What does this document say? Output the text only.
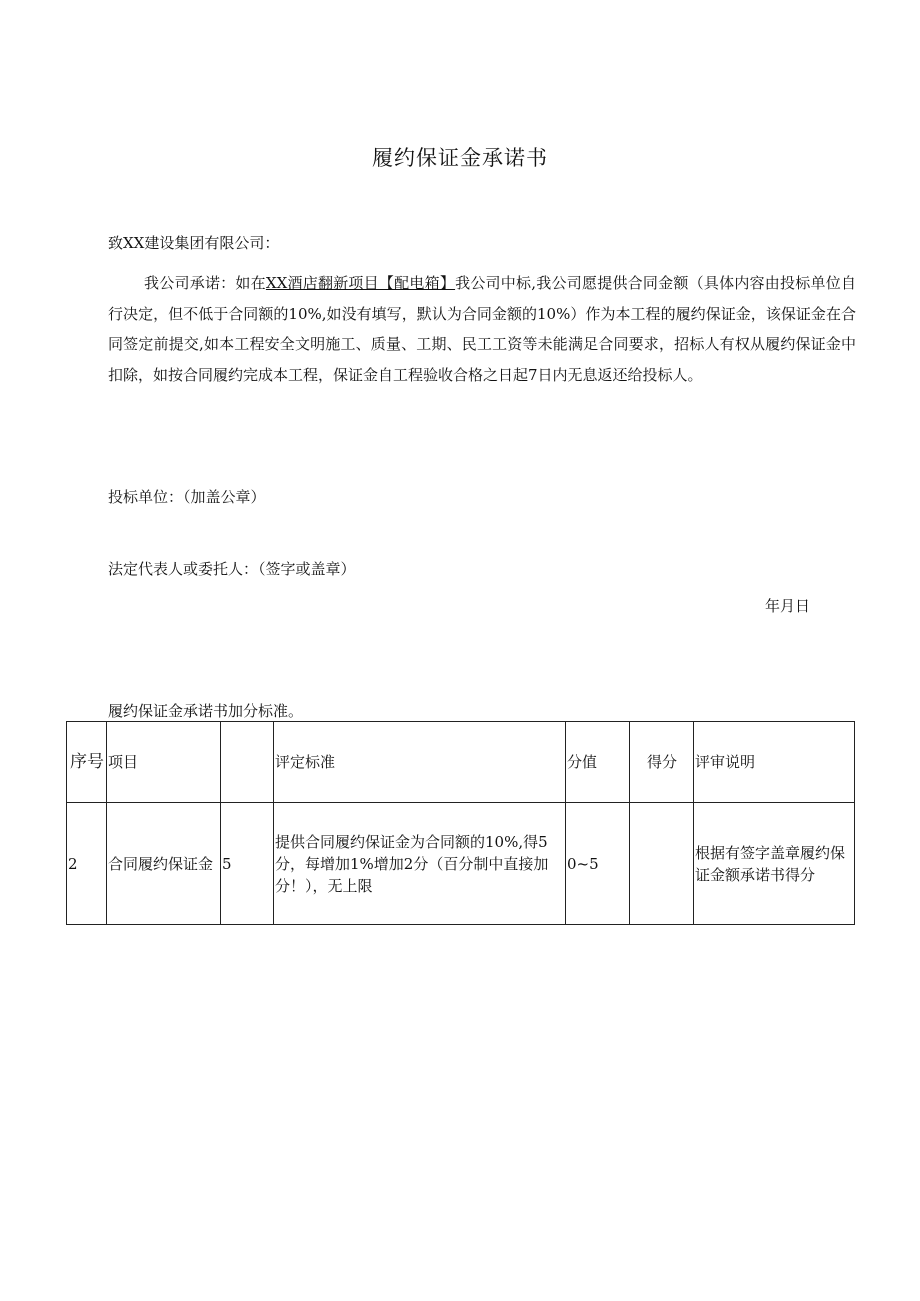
履约保证金承诺书
致XX建设集团有限公司：

我公司承诺：如在XX酒店翻新项目【配电箱】我公司中标,我公司愿提供合同金额（具体内容由投标单位自行决定，但不低于合同额的10%,如没有填写，默认为合同金额的10%）作为本工程的履约保证金，该保证金在合同签定前提交,如本工程安全文明施工、质量、工期、民工工资等未能满足合同要求，招标人有权从履约保证金中扣除，如按合同履约完成本工程，保证金自工程验收合格之日起7日内无息返还给投标人。

投标单位：（加盖公章）
法定代表人或委托人：（签字或盖章）
年月日
履约保证金承诺书加分标准。
序号	项目		评定标准	分值	得分	评审说明
2	合同履约保证金	5	提供合同履约保证金为合同额的10%,得5分，每增加1%增加2分（百分制中直接加分！），无上限	0~5		根据有签字盖章履约保证金额承诺书得分
